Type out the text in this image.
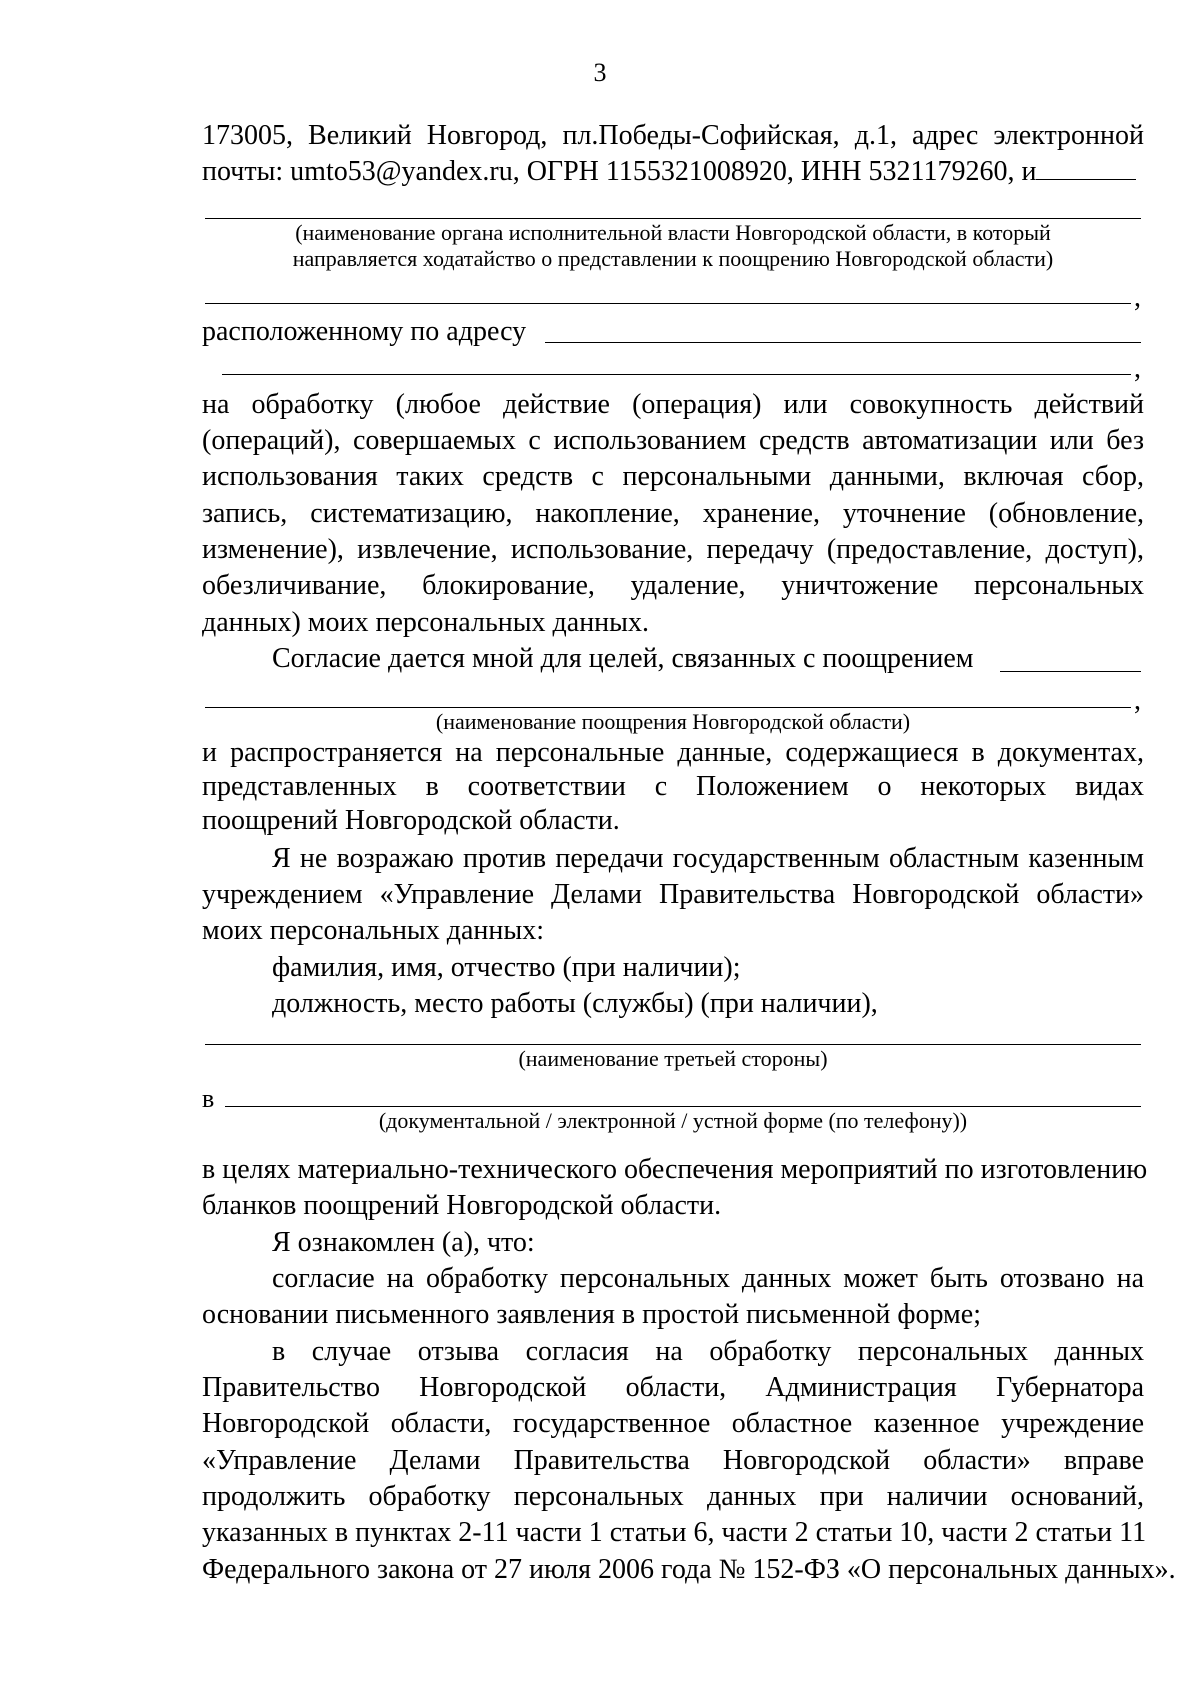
3
173005, Великий Новгород, пл.Победы-Софийская, д.1, адрес электронной
почты: umto53@yandex.ru, ОГРН 1155321008920, ИНН 5321179260, и
(наименование органа исполнительной власти Новгородской области, в который
направляется ходатайство о представлении к поощрению Новгородской области)
,
расположенному по адресу
,
на обработку (любое действие (операция) или совокупность действий
(операций), совершаемых с использованием средств автоматизации или без
использования таких средств с персональными данными, включая сбор,
запись, систематизацию, накопление, хранение, уточнение (обновление,
изменение), извлечение, использование, передачу (предоставление, доступ),
обезличивание, блокирование, удаление, уничтожение персональных
данных) моих персональных данных.
Согласие дается мной для целей, связанных с поощрением
,
(наименование поощрения Новгородской области)
и распространяется на персональные данные, содержащиеся в документах,
представленных в соответствии с Положением о некоторых видах
поощрений Новгородской области.
Я не возражаю против передачи государственным областным казенным
учреждением «Управление Делами Правительства Новгородской области»
моих персональных данных:
фамилия, имя, отчество (при наличии);
должность, место работы (службы) (при наличии),
(наименование третьей стороны)
в
(документальной / электронной / устной форме (по телефону))
в целях материально-технического обеспечения мероприятий по изготовлению
бланков поощрений Новгородской области.
Я ознакомлен (а), что:
согласие на обработку персональных данных может быть отозвано на
основании письменного заявления в простой письменной форме;
в случае отзыва согласия на обработку персональных данных
Правительство Новгородской области, Администрация Губернатора
Новгородской области, государственное областное казенное учреждение
«Управление Делами Правительства Новгородской области» вправе
продолжить обработку персональных данных при наличии оснований,
указанных в пунктах 2-11 части 1 статьи 6, части 2 статьи 10, части 2 статьи 11
Федерального закона от 27 июля 2006 года № 152-ФЗ «О персональных данных».
